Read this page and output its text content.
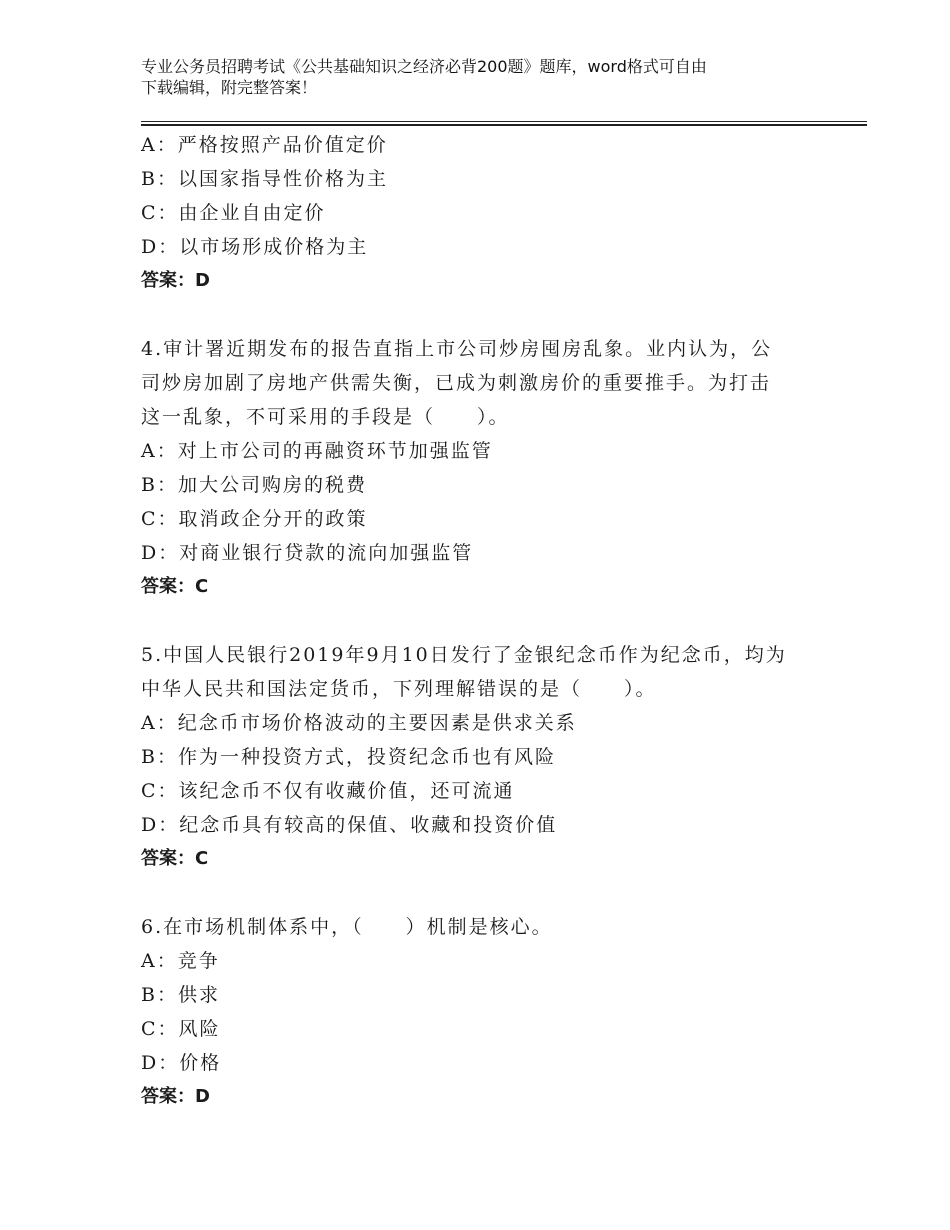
专业公务员招聘考试《公共基础知识之经济必背200题》题库，word格式可自由
下载编辑，附完整答案！
A：严格按照产品价值定价
B：以国家指导性价格为主
C：由企业自由定价
D：以市场形成价格为主
答案：D
4.审计署近期发布的报告直指上市公司炒房囤房乱象。业内认为，公
司炒房加剧了房地产供需失衡，已成为刺激房价的重要推手。为打击
这一乱象，不可采用的手段是（　　）。
A：对上市公司的再融资环节加强监管
B：加大公司购房的税费
C：取消政企分开的政策
D：对商业银行贷款的流向加强监管
答案：C
5.中国人民银行2019年9月10日发行了金银纪念币作为纪念币，均为
中华人民共和国法定货币，下列理解错误的是（　　）。
A：纪念币市场价格波动的主要因素是供求关系
B：作为一种投资方式，投资纪念币也有风险
C：该纪念币不仅有收藏价值，还可流通
D：纪念币具有较高的保值、收藏和投资价值
答案：C
6.在市场机制体系中，（　　）机制是核心。
A：竞争
B：供求
C：风险
D：价格
答案：D
